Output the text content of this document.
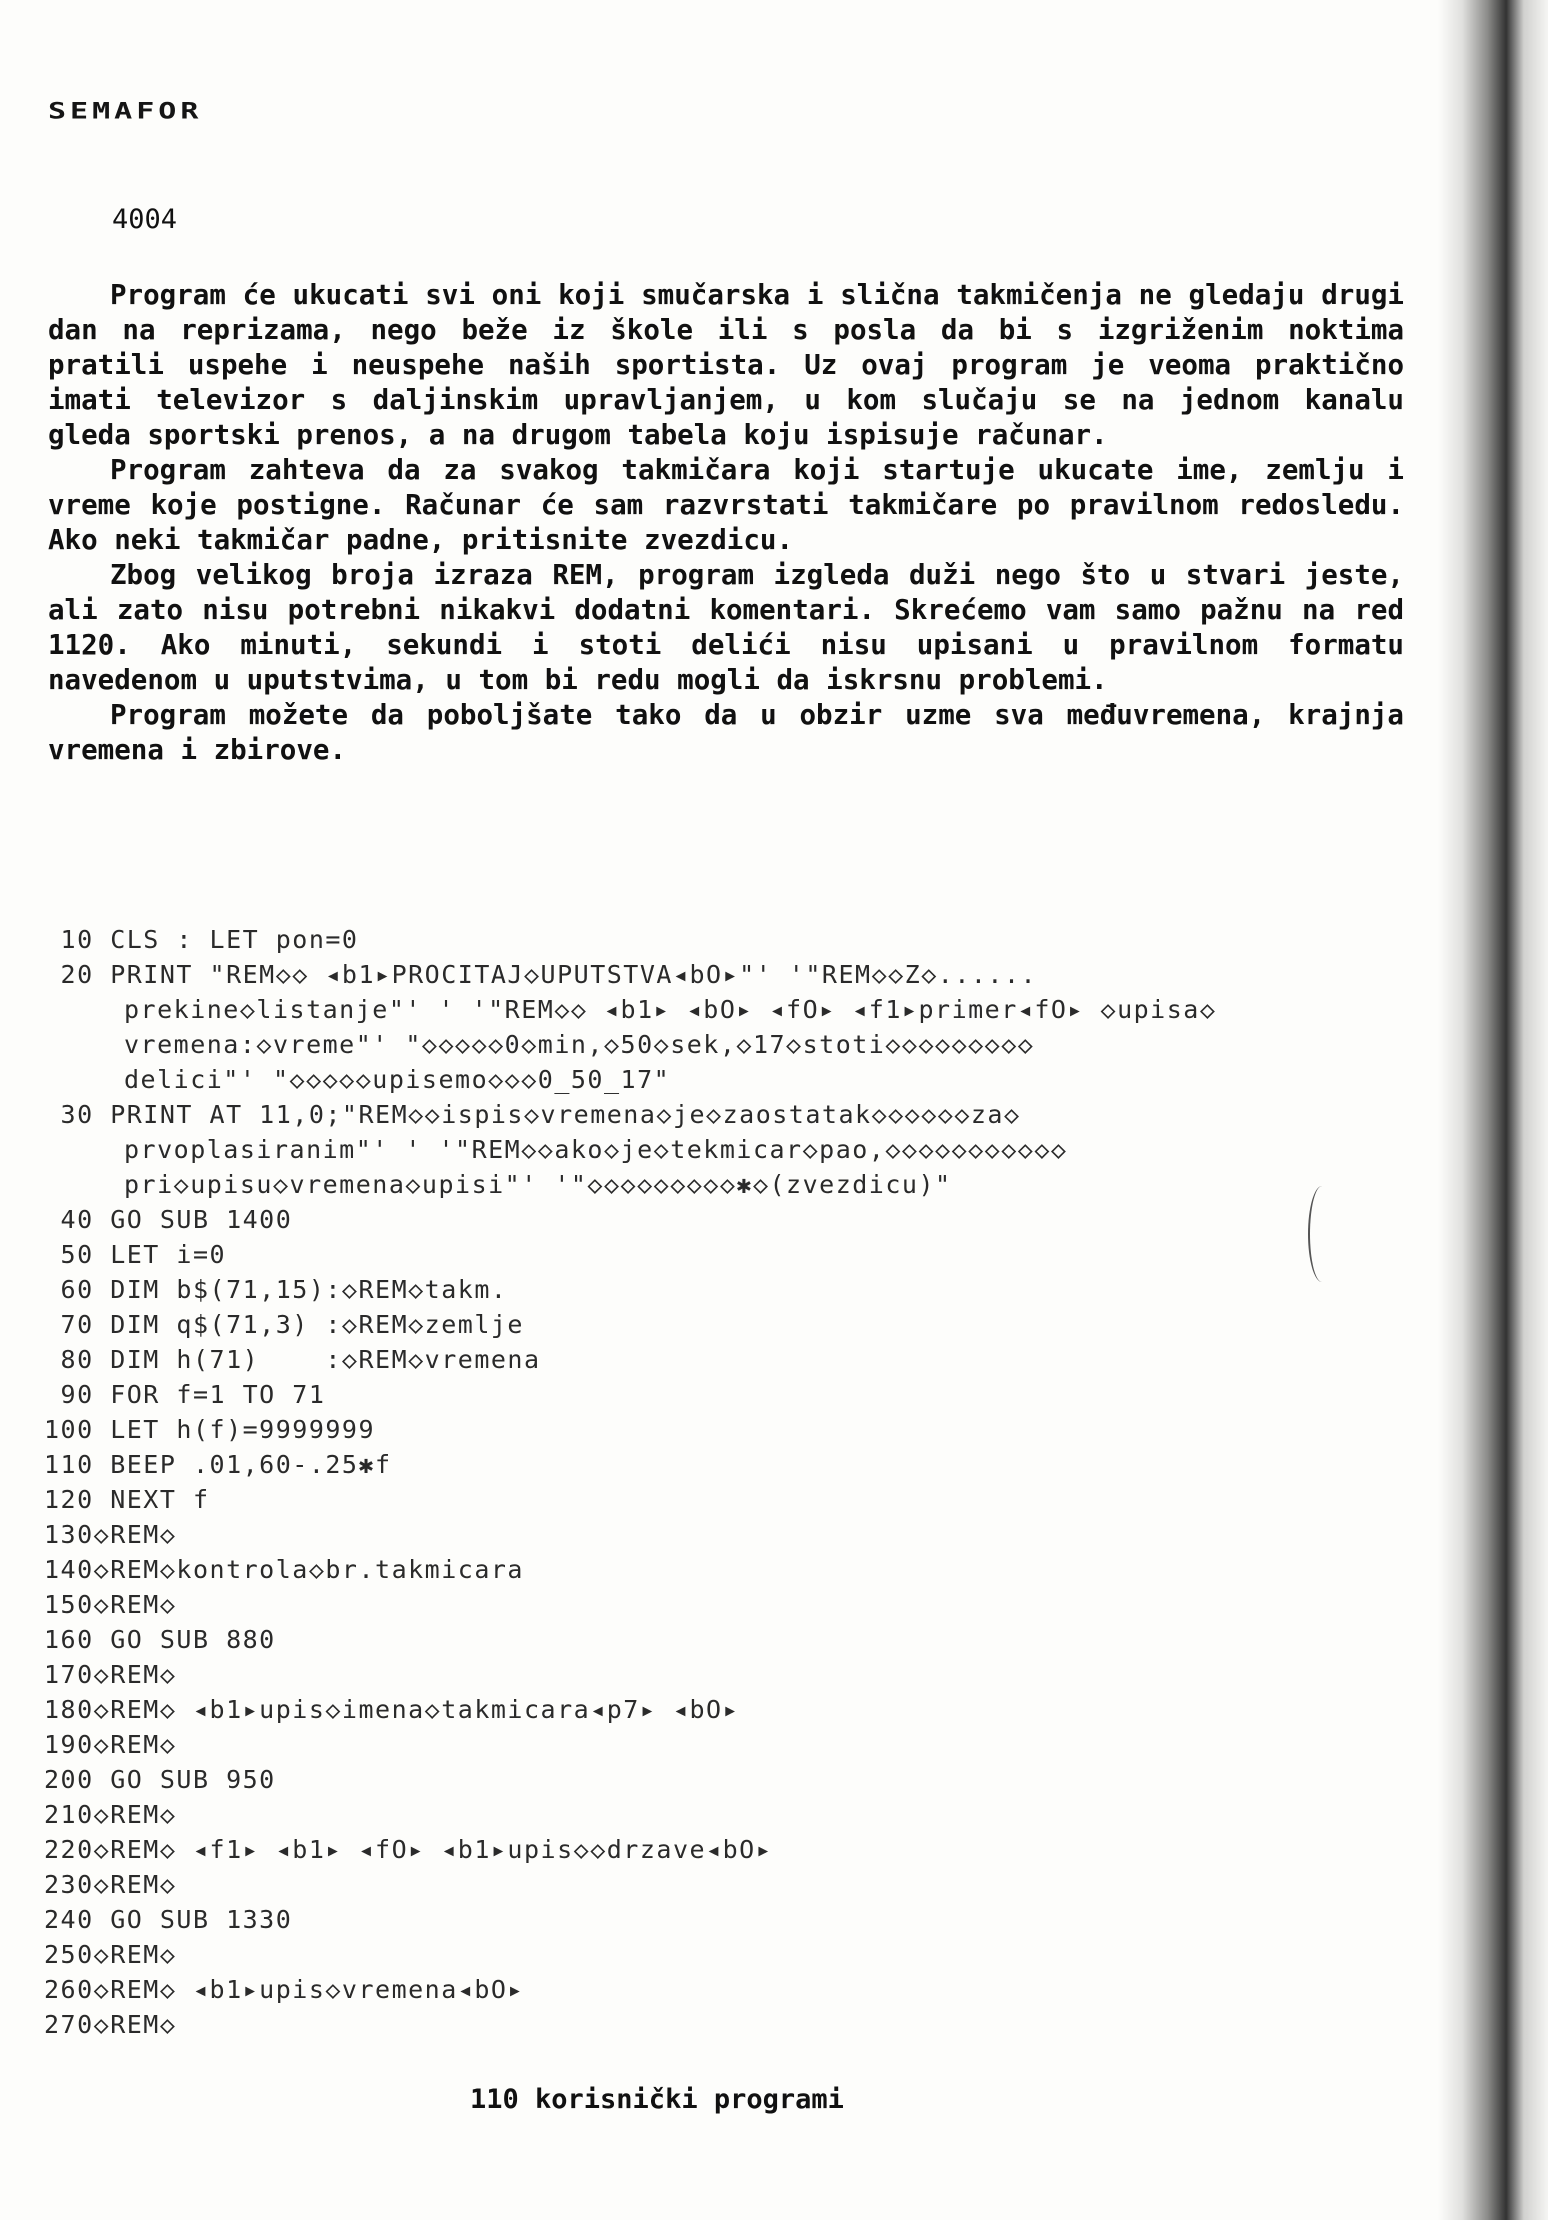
SEMAFOR
4004

Program će ukucati svi oni koji smučarska i slična takmičenja ne gledaju drugi dan na reprizama, nego beže iz škole ili s posla da bi s izgriženim noktima pratili uspehe i neuspehe naših sportista. Uz ovaj program je veoma praktično imati televizor s daljinskim upravljanjem, u kom slučaju se na jednom kanalu gleda sportski prenos, a na drugom tabela koju ispisuje računar.

Program zahteva da za svakog takmičara koji startuje ukucate ime, zemlju i vreme koje postigne. Računar će sam razvrstati takmičare po pravilnom redosledu. Ako neki takmičar padne, pritisnite zvezdicu.

Zbog velikog broja izraza REM, program izgleda duži nego što u stvari jeste, ali zato nisu potrebni nikakvi dodatni komentari. Skrećemo vam samo pažnu na red 1120. Ako minuti, sekundi i stoti delići nisu upisani u pravilnom formatu navedenom u uputstvima, u tom bi redu mogli da iskrsnu problemi.

Program možete da poboljšate tako da u obzir uzme sva međuvremena, krajnja vremena i zbirove.

10 CLS : LET pon=0
20 PRINT "REM◇◇ ◂b1▸PROCITAJ◇UPUTSTVA◂bO▸"' '"REM◇◇Z◇......
prekine◇listanje"' ' '"REM◇◇ ◂b1▸ ◂bO▸ ◂fO▸ ◂f1▸primer◂fO▸ ◇upisa◇
vremena:◇vreme"' "◇◇◇◇◇0◇min,◇50◇sek,◇17◇stoti◇◇◇◇◇◇◇◇◇
delici"' "◇◇◇◇◇upisemo◇◇◇0_50_17"
30 PRINT AT 11,0;"REM◇◇ispis◇vremena◇je◇zaostatak◇◇◇◇◇◇za◇
prvoplasiranim"' ' '"REM◇◇ako◇je◇tekmicar◇pao,◇◇◇◇◇◇◇◇◇◇◇
pri◇upisu◇vremena◇upisi"' '"◇◇◇◇◇◇◇◇◇✱◇(zvezdicu)"
40 GO SUB 1400
50 LET i=0
60 DIM b$(71,15):◇REM◇takm.
70 DIM q$(71,3) :◇REM◇zemlje
80 DIM h(71)    :◇REM◇vremena
90 FOR f=1 TO 71
100 LET h(f)=9999999
110 BEEP .01,60-.25✱f
120 NEXT f
130◇REM◇
140◇REM◇kontrola◇br.takmicara
150◇REM◇
160 GO SUB 880
170◇REM◇
180◇REM◇ ◂b1▸upis◇imena◇takmicara◂p7▸ ◂bO▸
190◇REM◇
200 GO SUB 950
210◇REM◇
220◇REM◇ ◂f1▸ ◂b1▸ ◂fO▸ ◂b1▸upis◇◇drzave◂bO▸
230◇REM◇
240 GO SUB 1330
250◇REM◇
260◇REM◇ ◂b1▸upis◇vremena◂bO▸
270◇REM◇
110 korisnički programi
